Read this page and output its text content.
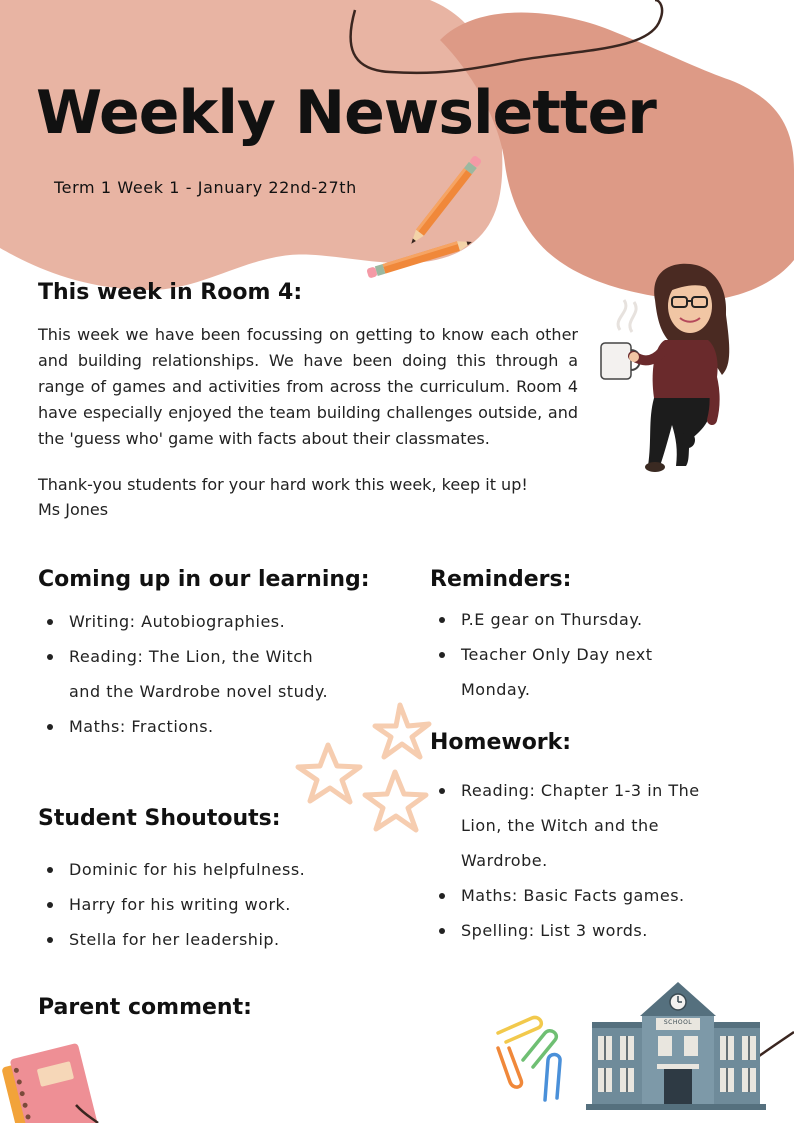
Weekly Newsletter
Term 1 Week 1 - January 22nd-27th
This week in Room 4:

This week we have been focussing on getting to know each other and building relationships. We have been doing this through a range of games and activities from across the curriculum. Room 4 have especially enjoyed the team building challenges outside, and the 'guess who' game with facts about their classmates.

Thank-you students for your hard work this week, keep it up!

Ms Jones

Coming up in our learning:
Writing: Autobiographies.
Reading: The Lion, the Witch and the Wardrobe novel study.
Maths: Fractions.
Student Shoutouts:
Dominic for his helpfulness.
Harry for his writing work.
Stella for her leadership.
Reminders:
P.E gear on Thursday.
Teacher Only Day next Monday.
Homework:
Reading: Chapter 1-3 in The Lion, the Witch and the Wardrobe.
Maths: Basic Facts games.
Spelling: List 3 words.
Parent comment:
SCHOOL
